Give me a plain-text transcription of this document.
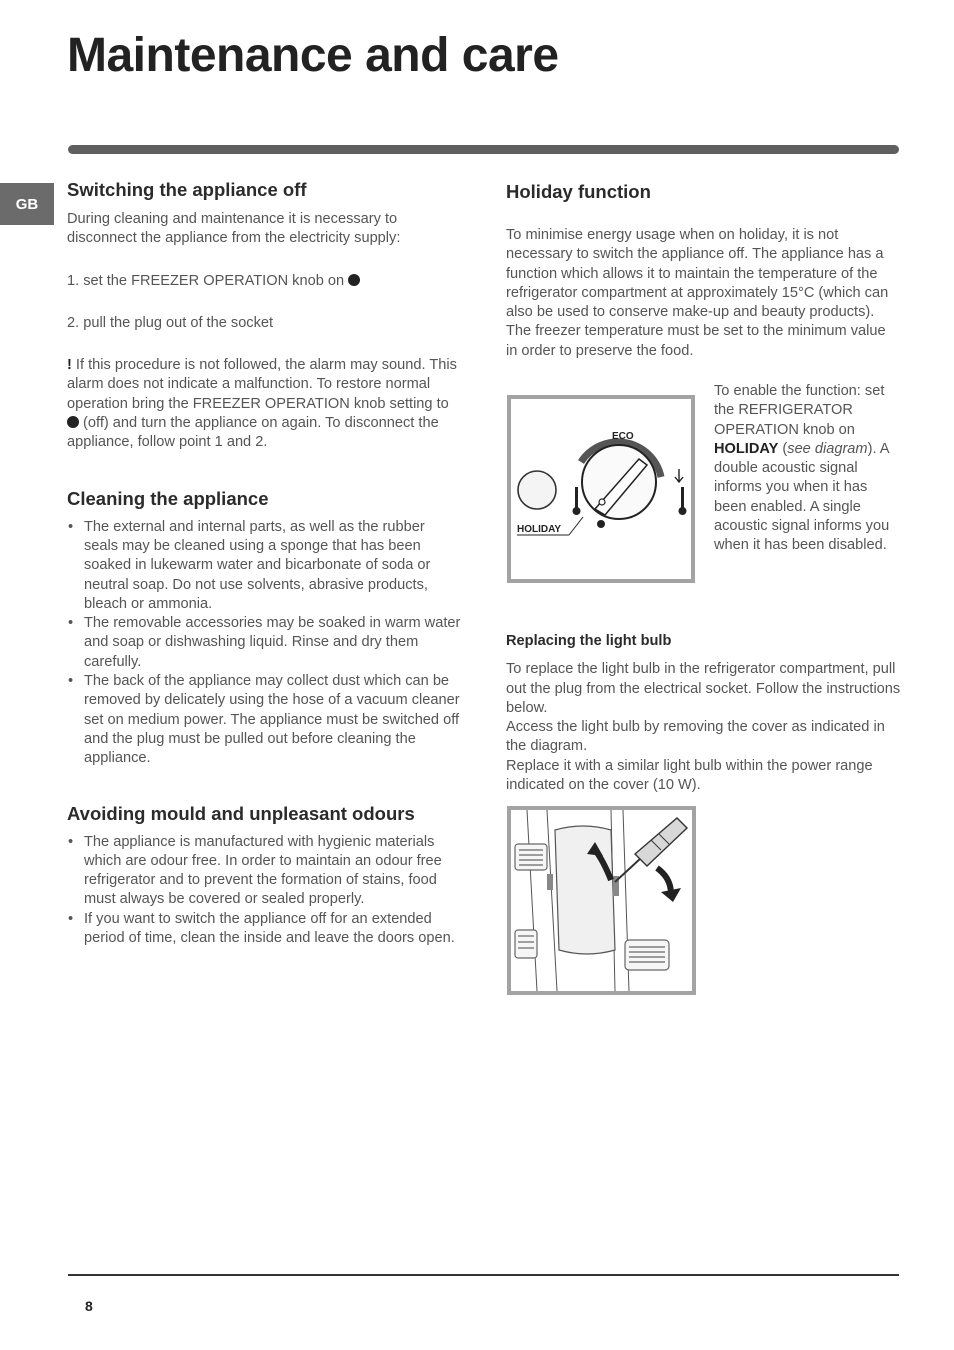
Maintenance and care
GB
Switching the appliance off

During cleaning and maintenance it is necessary to disconnect the appliance from the electricity supply:

1. set the FREEZER OPERATION knob on

2. pull the plug out of the socket

! If this procedure is not followed, the alarm may sound. This alarm does not indicate a malfunction. To restore normal operation bring the FREEZER OPERATION knob setting to  (off) and turn the appliance on again. To disconnect the appliance, follow point 1 and 2.

Cleaning the appliance
• The external and internal parts, as well as the rubber seals may be cleaned using a sponge that has been soaked in lukewarm water and bicarbonate of soda or neutral soap. Do not use solvents, abrasive products, bleach or ammonia.
• The removable accessories may be soaked in warm water and soap or dishwashing liquid. Rinse and dry them carefully.
• The back of the appliance may collect dust which can be removed by delicately using the hose of a vacuum cleaner set on medium power. The appliance must be switched off and the plug must be pulled out before cleaning the appliance.
Avoiding mould and unpleasant odours
• The appliance is manufactured with hygienic materials which are odour free. In order to maintain an odour free refrigerator and to prevent the formation of stains, food must always be covered or sealed properly.
• If you want to switch the appliance off for an extended period of time, clean the inside and leave the doors open.
Holiday function

To minimise energy usage when on holiday, it is not necessary to switch the appliance off. The appliance has a function which allows it to maintain the temperature of the refrigerator compartment at approximately 15°C (which can also be used to conserve make-up and beauty products). The freezer temperature must be set to the minimum value in order to preserve the food.

ECO
HOLIDAY
To enable the function: set the REFRIGERATOR OPERATION knob on HOLIDAY (see diagram). A double acoustic signal informs you when it has been enabled. A single acoustic signal informs you when it has been disabled.
Replacing the light bulb

To replace the light bulb in the refrigerator compartment, pull out the plug from the electrical socket. Follow the instructions below.

Access the light bulb by removing the cover as indicated in the diagram.

Replace it with a similar light bulb within the power range indicated on the cover (10 W).

8
